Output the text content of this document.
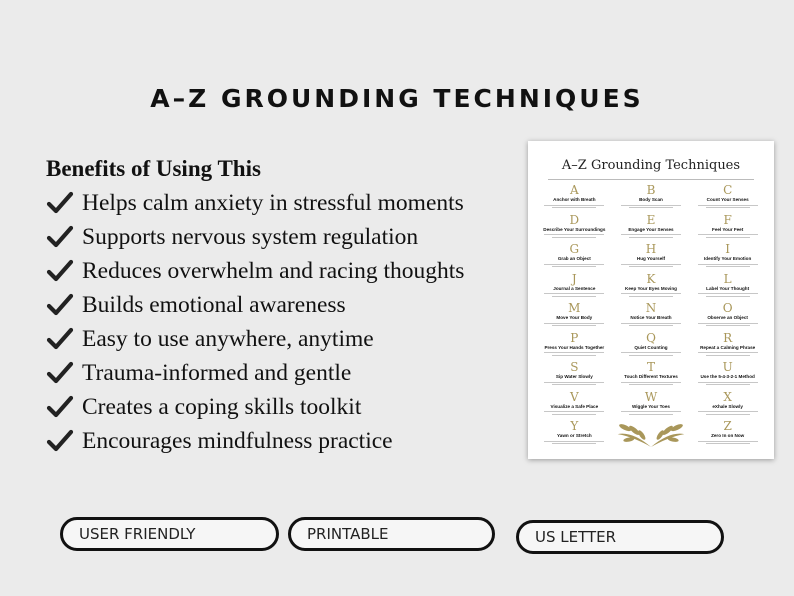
A–Z GROUNDING TECHNIQUES
Benefits of Using This
Helps calm anxiety in stressful moments
Supports nervous system regulation
Reduces overwhelm and racing thoughts
Builds emotional awareness
Easy to use anywhere, anytime
Trauma-informed and gentle
Creates a coping skills toolkit
Encourages mindfulness practice
A–Z Grounding Techniques
A
Anchor with Breath
B
Body Scan
C
Count Your Senses
D
Describe Your Surroundings
E
Engage Your Senses
F
Feel Your Feet
G
Grab an Object
H
Hug Yourself
I
Identify Your Emotion
J
Journal a Sentence
K
Keep Your Eyes Moving
L
Label Your Thought
M
Move Your Body
N
Notice Your Breath
O
Observe an Object
P
Press Your Hands Together
Q
Quiet Counting
R
Repeat a Calming Phrase
S
Sip Water Slowly
T
Touch Different Textures
U
Use the 5-4-3-2-1 Method
V
Visualize a Safe Place
W
Wiggle Your Toes
X
eXhale Slowly
Y
Yawn or Stretch
Z
Zero In on Now
USER FRIENDLY	PRINTABLE	US LETTER
